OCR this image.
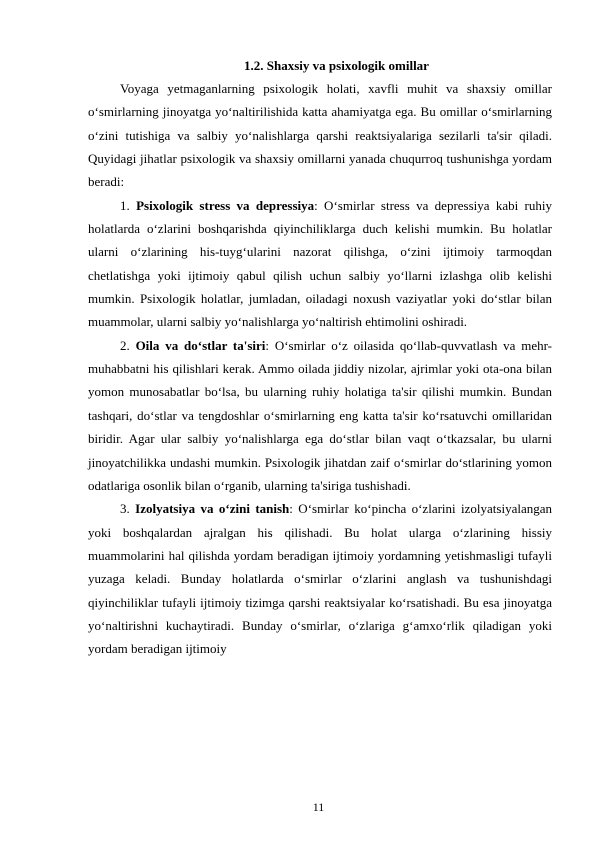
1.2. Shaxsiy va psixologik omillar

Voyaga yetmaganlarning psixologik holati, xavfli muhit va shaxsiy omillar o‘smirlarning jinoyatga yo‘naltirilishida katta ahamiyatga ega. Bu omillar o‘smirlarning o‘zini tutishiga va salbiy yo‘nalishlarga qarshi reaktsiyalariga sezilarli ta'sir qiladi. Quyidagi jihatlar psixologik va shaxsiy omillarni yanada chuqurroq tushunishga yordam beradi:

1. Psixologik stress va depressiya: O‘smirlar stress va depressiya kabi ruhiy holatlarda o‘zlarini boshqarishda qiyinchiliklarga duch kelishi mumkin. Bu holatlar ularni o‘zlarining his-tuyg‘ularini nazorat qilishga, o‘zini ijtimoiy tarmoqdan chetlatishga yoki ijtimoiy qabul qilish uchun salbiy yo‘llarni izlashga olib kelishi mumkin. Psixologik holatlar, jumladan, oiladagi noxush vaziyatlar yoki do‘stlar bilan muammolar, ularni salbiy yo‘nalishlarga yo‘naltirish ehtimolini oshiradi.

2. Oila va do‘stlar ta'siri: O‘smirlar o‘z oilasida qo‘llab-quvvatlash va mehr-muhabbatni his qilishlari kerak. Ammo oilada jiddiy nizolar, ajrimlar yoki ota-ona bilan yomon munosabatlar bo‘lsa, bu ularning ruhiy holatiga ta'sir qilishi mumkin. Bundan tashqari, do‘stlar va tengdoshlar o‘smirlarning eng katta ta'sir ko‘rsatuvchi omillaridan biridir. Agar ular salbiy yo‘nalishlarga ega do‘stlar bilan vaqt o‘tkazsalar, bu ularni jinoyatchilikka undashi mumkin. Psixologik jihatdan zaif o‘smirlar do‘stlarining yomon odatlariga osonlik bilan o‘rganib, ularning ta'siriga tushishadi.

3. Izolyatsiya va o‘zini tanish: O‘smirlar ko‘pincha o‘zlarini izolyatsiyalangan yoki boshqalardan ajralgan his qilishadi. Bu holat ularga o‘zlarining hissiy muammolarini hal qilishda yordam beradigan ijtimoiy yordamning yetishmasligi tufayli yuzaga keladi. Bunday holatlarda o‘smirlar o‘zlarini anglash va tushunishdagi qiyinchiliklar tufayli ijtimoiy tizimga qarshi reaktsiyalar ko‘rsatishadi. Bu esa jinoyatga yo‘naltirishni kuchaytiradi. Bunday o‘smirlar, o‘zlariga g‘amxo‘rlik qiladigan yoki yordam beradigan ijtimoiy

11
